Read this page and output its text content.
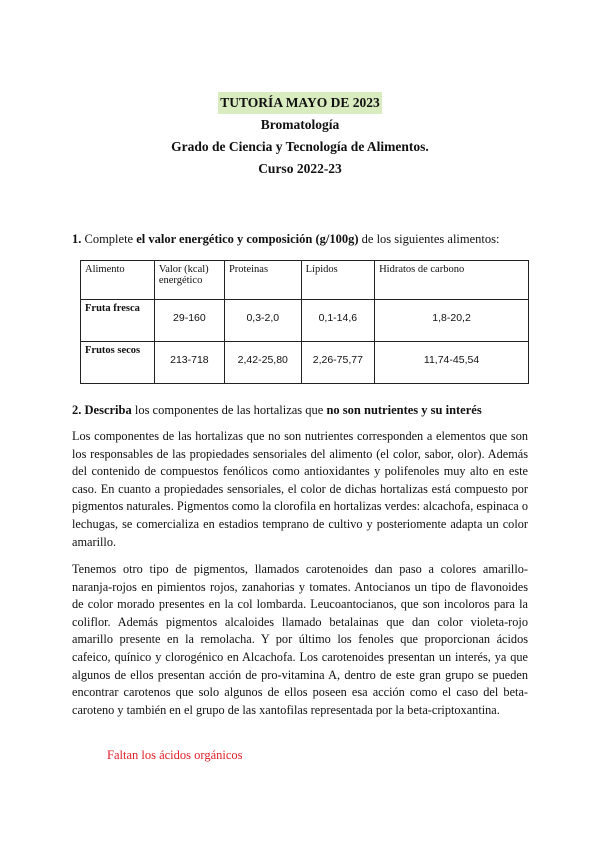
TUTORÍA MAYO DE 2023
Bromatología
Grado de Ciencia y Tecnología de Alimentos.
Curso 2022-23
1. Complete el valor energético y composición (g/100g) de los siguientes alimentos:
Alimento	Valor (kcal) energético	Proteinas	Lípidos	Hidratos de carbono
Fruta fresca	29-160	0,3-2,0	0,1-14,6	1,8-20,2
Frutos secos	213-718	2,42-25,80	2,26-75,77	11,74-45,54
2. Describa los componentes de las hortalizas que no son nutrientes y su interés

Los componentes de las hortalizas que no son nutrientes corresponden a elementos que son los responsables de las propiedades sensoriales del alimento (el color, sabor, olor). Además del contenido de compuestos fenólicos como antioxidantes y polifenoles muy alto en este caso. En cuanto a propiedades sensoriales, el color de dichas hortalizas está compuesto por pigmentos naturales. Pigmentos como la clorofila en hortalizas verdes: alcachofa, espinaca o lechugas, se comercializa en estadios temprano de cultivo y posteriomente adapta un color amarillo.

Tenemos otro tipo de pigmentos, llamados carotenoides dan paso a colores amarillo-naranja-rojos en pimientos rojos, zanahorias y tomates. Antocianos un tipo de flavonoides de color morado presentes en la col lombarda. Leucoantocianos, que son incoloros para la coliflor. Además pigmentos alcaloides llamado betalainas que dan color violeta-rojo amarillo presente en la remolacha. Y por último los fenoles que proporcionan ácidos cafeico, quínico y clorogénico en Alcachofa. Los carotenoides presentan un interés, ya que algunos de ellos presentan acción de pro-vitamina A, dentro de este gran grupo se pueden encontrar carotenos que solo algunos de ellos poseen esa acción como el caso del beta-caroteno y también en el grupo de las xantofilas representada por la beta-criptoxantina.

Faltan los ácidos orgánicos
